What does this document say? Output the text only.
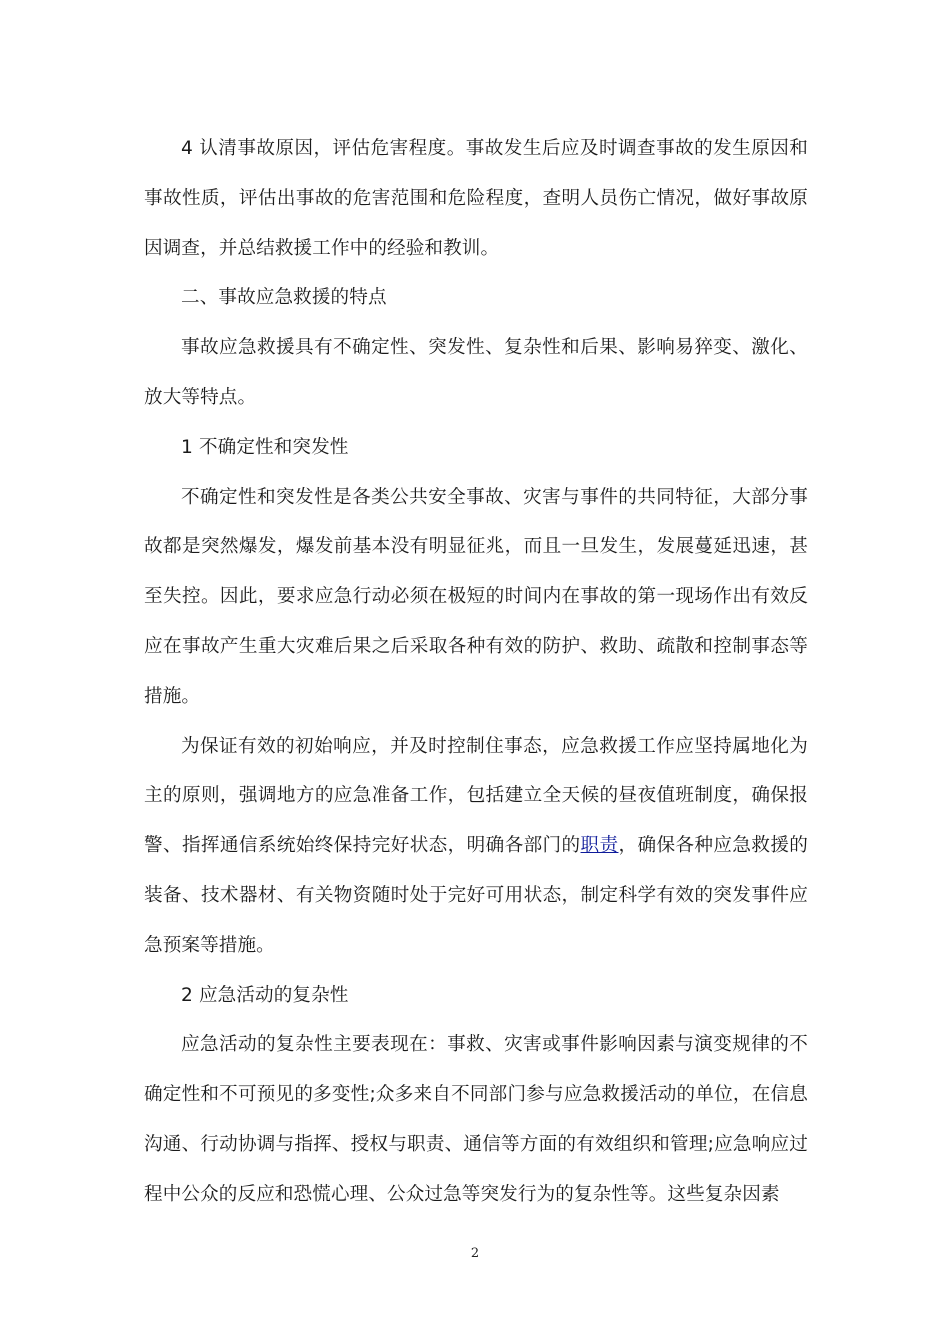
4 认清事故原因，评估危害程度。事故发生后应及时调查事故的发生原因和事故性质，评估出事故的危害范围和危险程度，查明人员伤亡情况，做好事故原因调查，并总结救援工作中的经验和教训。

二、事故应急救援的特点

事故应急救援具有不确定性、突发性、复杂性和后果、影响易猝变、激化、放大等特点。

1 不确定性和突发性

不确定性和突发性是各类公共安全事故、灾害与事件的共同特征，大部分事故都是突然爆发，爆发前基本没有明显征兆，而且一旦发生，发展蔓延迅速，甚至失控。因此，要求应急行动必须在极短的时间内在事故的第一现场作出有效反应在事故产生重大灾难后果之后采取各种有效的防护、救助、疏散和控制事态等措施。

为保证有效的初始响应，并及时控制住事态，应急救援工作应坚持属地化为主的原则，强调地方的应急准备工作，包括建立全天候的昼夜值班制度，确保报警、指挥通信系统始终保持完好状态，明确各部门的职责，确保各种应急救援的装备、技术器材、有关物资随时处于完好可用状态，制定科学有效的突发事件应急预案等措施。

2 应急活动的复杂性

应急活动的复杂性主要表现在：事救、灾害或事件影响因素与演变规律的不确定性和不可预见的多变性;众多来自不同部门参与应急救援活动的单位，在信息沟通、行动协调与指挥、授权与职责、通信等方面的有效组织和管理;应急响应过程中公众的反应和恐慌心理、公众过急等突发行为的复杂性等。这些复杂因素

2
